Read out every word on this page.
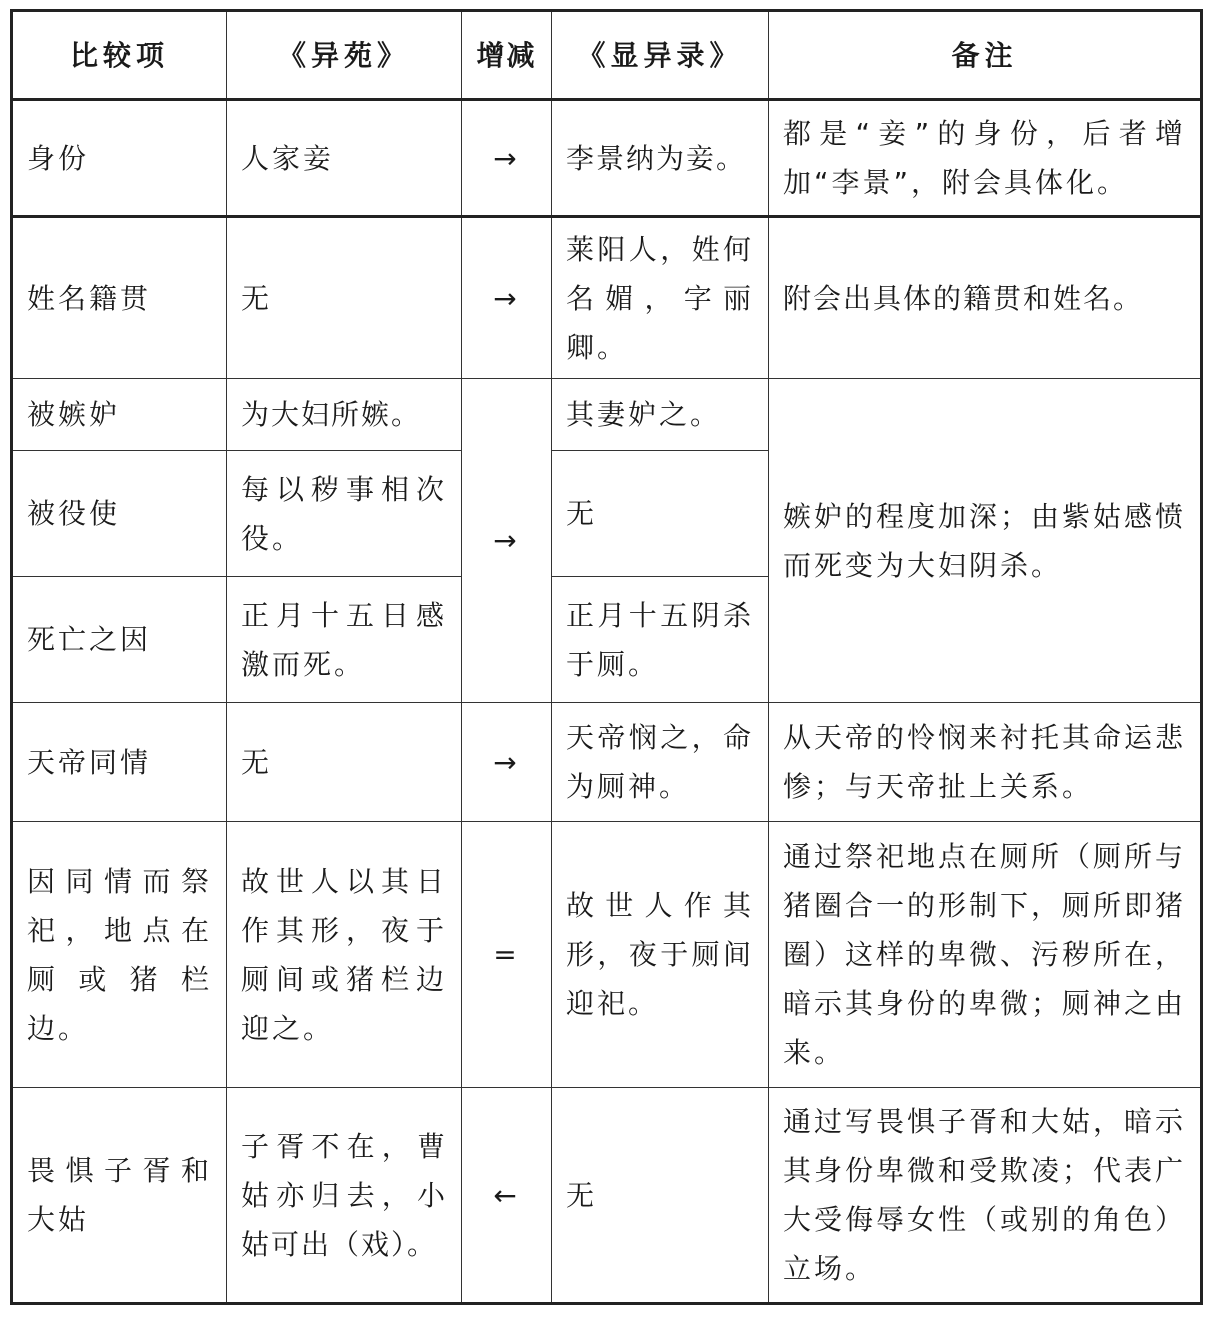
比较项	《异苑》	增减	《显异录》	备注
身份	人家妾	→	李景纳为妾。	都是“妾”的身份，后者增加“李景”，附会具体化。
姓名籍贯	无	→	莱阳人，姓何名媚，字丽卿。	附会出具体的籍贯和姓名。
被嫉妒	为大妇所嫉。	→	其妻妒之。	嫉妒的程度加深；由紫姑感愤而死变为大妇阴杀。
被役使	每以秽事相次役。		无	
死亡之因	正月十五日感激而死。		正月十五阴杀于厕。	
天帝同情	无	→	天帝悯之，命为厕神。	从天帝的怜悯来衬托其命运悲惨；与天帝扯上关系。
因同情而祭祀，地点在厕或猪栏边。	故世人以其日作其形，夜于厕间或猪栏边迎之。	=	故世人作其形，夜于厕间迎祀。	通过祭祀地点在厕所（厕所与猪圈合一的形制下，厕所即猪圈）这样的卑微、污秽所在，暗示其身份的卑微；厕神之由来。
畏惧子胥和大姑	子胥不在，曹姑亦归去，小姑可出（戏）。	←	无	通过写畏惧子胥和大姑，暗示其身份卑微和受欺凌；代表广大受侮辱女性（或别的角色）立场。
